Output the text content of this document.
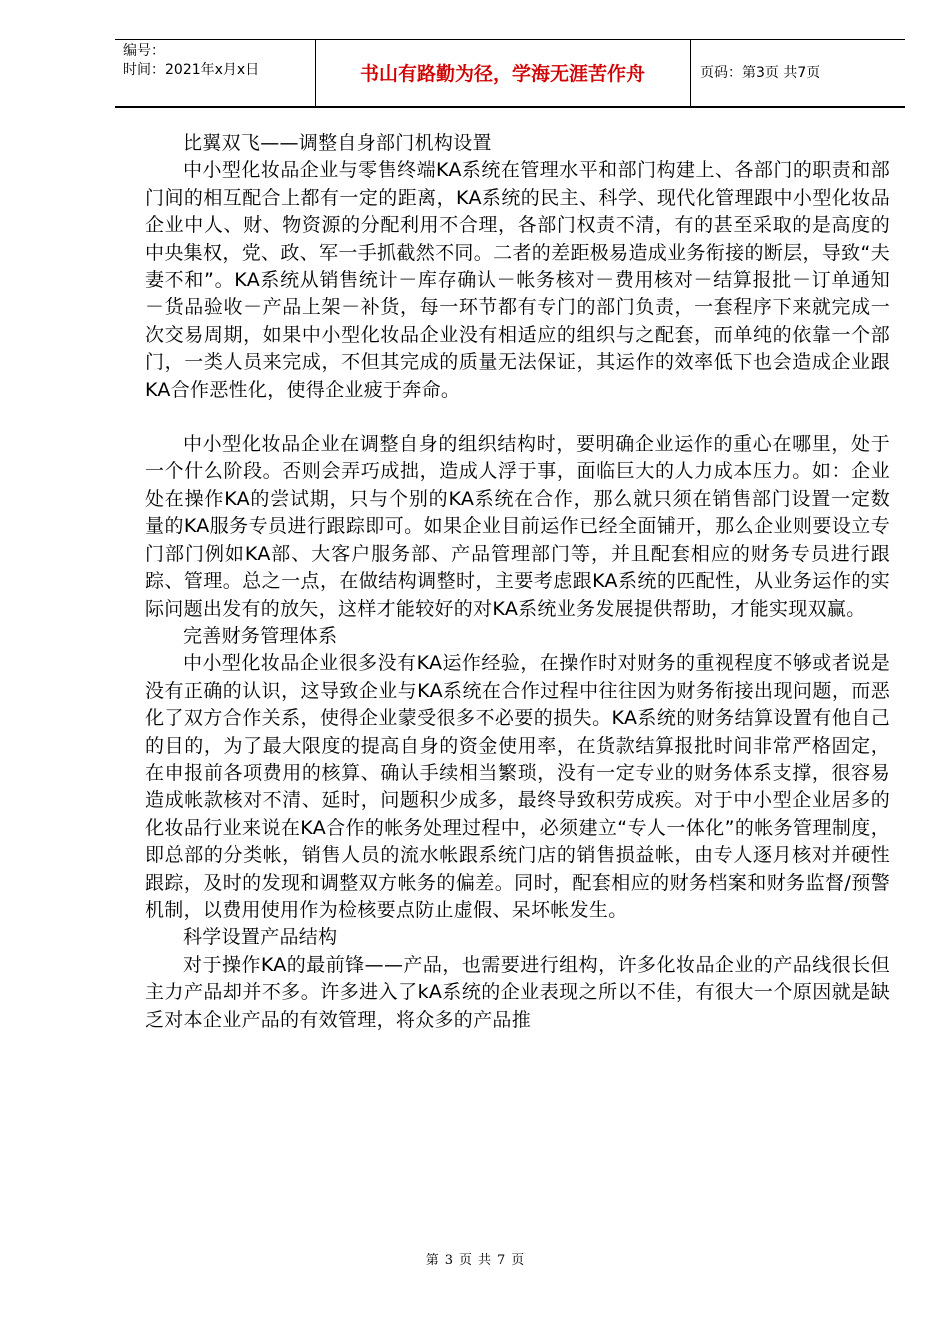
编号：
时间：2021年x月x日	书山有路勤为径，学海无涯苦作舟	页码：第3页 共7页

比翼双飞——调整自身部门机构设置

中小型化妆品企业与零售终端KA系统在管理水平和部门构建上、各部门的职责和部门间的相互配合上都有一定的距离，KA系统的民主、科学、现代化管理跟中小型化妆品企业中人、财、物资源的分配利用不合理，各部门权责不清，有的甚至采取的是高度的中央集权，党、政、军一手抓截然不同。二者的差距极易造成业务衔接的断层，导致“夫妻不和”。KA系统从销售统计－库存确认－帐务核对－费用核对－结算报批－订单通知－货品验收－产品上架－补货，每一环节都有专门的部门负责，一套程序下来就完成一次交易周期，如果中小型化妆品企业没有相适应的组织与之配套，而单纯的依靠一个部门，一类人员来完成，不但其完成的质量无法保证，其运作的效率低下也会造成企业跟KA合作恶性化，使得企业疲于奔命。

中小型化妆品企业在调整自身的组织结构时，要明确企业运作的重心在哪里，处于一个什么阶段。否则会弄巧成拙，造成人浮于事，面临巨大的人力成本压力。如：企业处在操作KA的尝试期，只与个别的KA系统在合作，那么就只须在销售部门设置一定数量的KA服务专员进行跟踪即可。如果企业目前运作已经全面铺开，那么企业则要设立专门部门例如KA部、大客户服务部、产品管理部门等，并且配套相应的财务专员进行跟踪、管理。总之一点，在做结构调整时，主要考虑跟KA系统的匹配性，从业务运作的实际问题出发有的放矢，这样才能较好的对KA系统业务发展提供帮助，才能实现双赢。

完善财务管理体系

中小型化妆品企业很多没有KA运作经验，在操作时对财务的重视程度不够或者说是没有正确的认识，这导致企业与KA系统在合作过程中往往因为财务衔接出现问题，而恶化了双方合作关系，使得企业蒙受很多不必要的损失。KA系统的财务结算设置有他自己的目的，为了最大限度的提高自身的资金使用率，在货款结算报批时间非常严格固定，在申报前各项费用的核算、确认手续相当繁琐，没有一定专业的财务体系支撑，很容易造成帐款核对不清、延时，问题积少成多，最终导致积劳成疾。对于中小型企业居多的化妆品行业来说在KA合作的帐务处理过程中，必须建立“专人一体化”的帐务管理制度，即总部的分类帐，销售人员的流水帐跟系统门店的销售损益帐，由专人逐月核对并硬性跟踪，及时的发现和调整双方帐务的偏差。同时，配套相应的财务档案和财务监督/预警机制，以费用使用作为检核要点防止虚假、呆坏帐发生。

科学设置产品结构

对于操作KA的最前锋——产品，也需要进行组构，许多化妆品企业的产品线很长但主力产品却并不多。许多进入了kA系统的企业表现之所以不佳，有很大一个原因就是缺乏对本企业产品的有效管理，将众多的产品推

第 3 页 共 7 页
